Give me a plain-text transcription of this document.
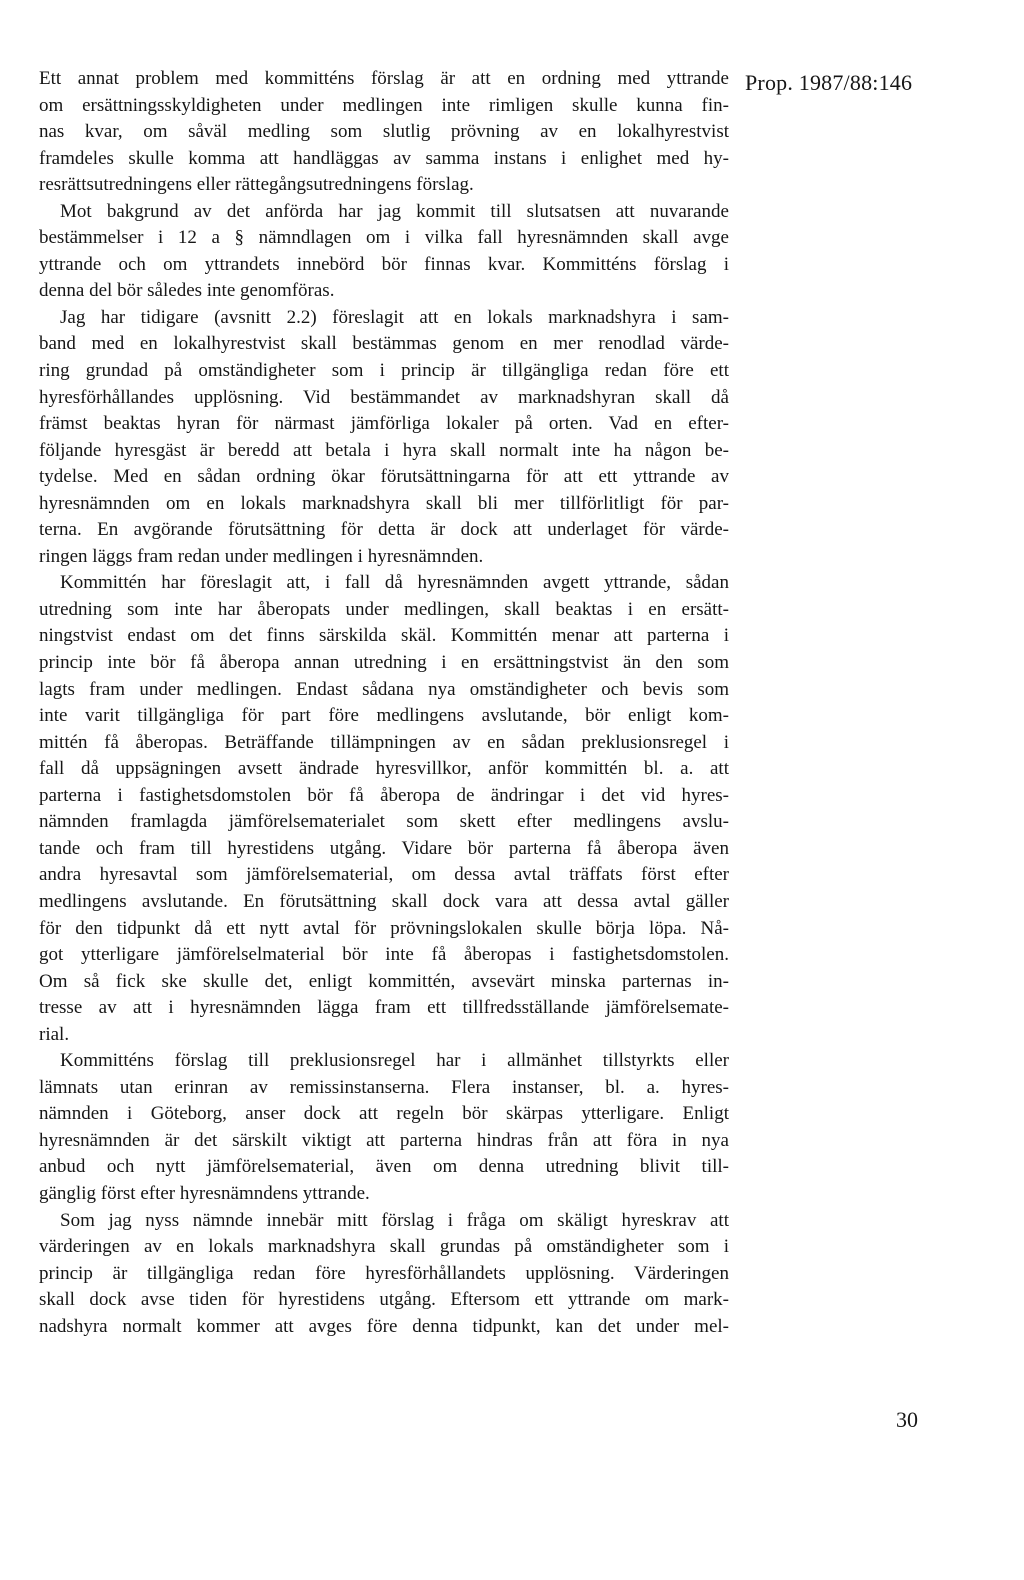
Prop. 1987/88:146
Ett annat problem med kommitténs förslag är att en ordning med yttrande
om ersättningsskyldigheten under medlingen inte rimligen skulle kunna fin-
nas kvar, om såväl medling som slutlig prövning av en lokalhyrestvist
framdeles skulle komma att handläggas av samma instans i enlighet med hy-
resrättsutredningens eller rättegångsutredningens förslag.
Mot bakgrund av det anförda har jag kommit till slutsatsen att nuvarande
bestämmelser i 12 a § nämndlagen om i vilka fall hyresnämnden skall avge
yttrande och om yttrandets innebörd bör finnas kvar. Kommitténs förslag i
denna del bör således inte genomföras.
Jag har tidigare (avsnitt 2.2) föreslagit att en lokals marknadshyra i sam-
band med en lokalhyrestvist skall bestämmas genom en mer renodlad värde-
ring grundad på omständigheter som i princip är tillgängliga redan före ett
hyresförhållandes upplösning. Vid bestämmandet av marknadshyran skall då
främst beaktas hyran för närmast jämförliga lokaler på orten. Vad en efter-
följande hyresgäst är beredd att betala i hyra skall normalt inte ha någon be-
tydelse. Med en sådan ordning ökar förutsättningarna för att ett yttrande av
hyresnämnden om en lokals marknadshyra skall bli mer tillförlitligt för par-
terna. En avgörande förutsättning för detta är dock att underlaget för värde-
ringen läggs fram redan under medlingen i hyresnämnden.
Kommittén har föreslagit att, i fall då hyresnämnden avgett yttrande, sådan
utredning som inte har åberopats under medlingen, skall beaktas i en ersätt-
ningstvist endast om det finns särskilda skäl. Kommittén menar att parterna i
princip inte bör få åberopa annan utredning i en ersättningstvist än den som
lagts fram under medlingen. Endast sådana nya omständigheter och bevis som
inte varit tillgängliga för part före medlingens avslutande, bör enligt kom-
mittén få åberopas. Beträffande tillämpningen av en sådan preklusionsregel i
fall då uppsägningen avsett ändrade hyresvillkor, anför kommittén bl. a. att
parterna i fastighetsdomstolen bör få åberopa de ändringar i det vid hyres-
nämnden framlagda jämförelsematerialet som skett efter medlingens avslu-
tande och fram till hyrestidens utgång. Vidare bör parterna få åberopa även
andra hyresavtal som jämförelsematerial, om dessa avtal träffats först efter
medlingens avslutande. En förutsättning skall dock vara att dessa avtal gäller
för den tidpunkt då ett nytt avtal för prövningslokalen skulle börja löpa. Nå-
got ytterligare jämförelselmaterial bör inte få åberopas i fastighetsdomstolen.
Om så fick ske skulle det, enligt kommittén, avsevärt minska parternas in-
tresse av att i hyresnämnden lägga fram ett tillfredsställande jämförelsemate-
rial.
Kommitténs förslag till preklusionsregel har i allmänhet tillstyrkts eller
lämnats utan erinran av remissinstanserna. Flera instanser, bl. a. hyres-
nämnden i Göteborg, anser dock att regeln bör skärpas ytterligare. Enligt
hyresnämnden är det särskilt viktigt att parterna hindras från att föra in nya
anbud och nytt jämförelsematerial, även om denna utredning blivit till-
gänglig först efter hyresnämndens yttrande.
Som jag nyss nämnde innebär mitt förslag i fråga om skäligt hyreskrav att
värderingen av en lokals marknadshyra skall grundas på omständigheter som i
princip är tillgängliga redan före hyresförhållandets upplösning. Värderingen
skall dock avse tiden för hyrestidens utgång. Eftersom ett yttrande om mark-
nadshyra normalt kommer att avges före denna tidpunkt, kan det under mel-
30
